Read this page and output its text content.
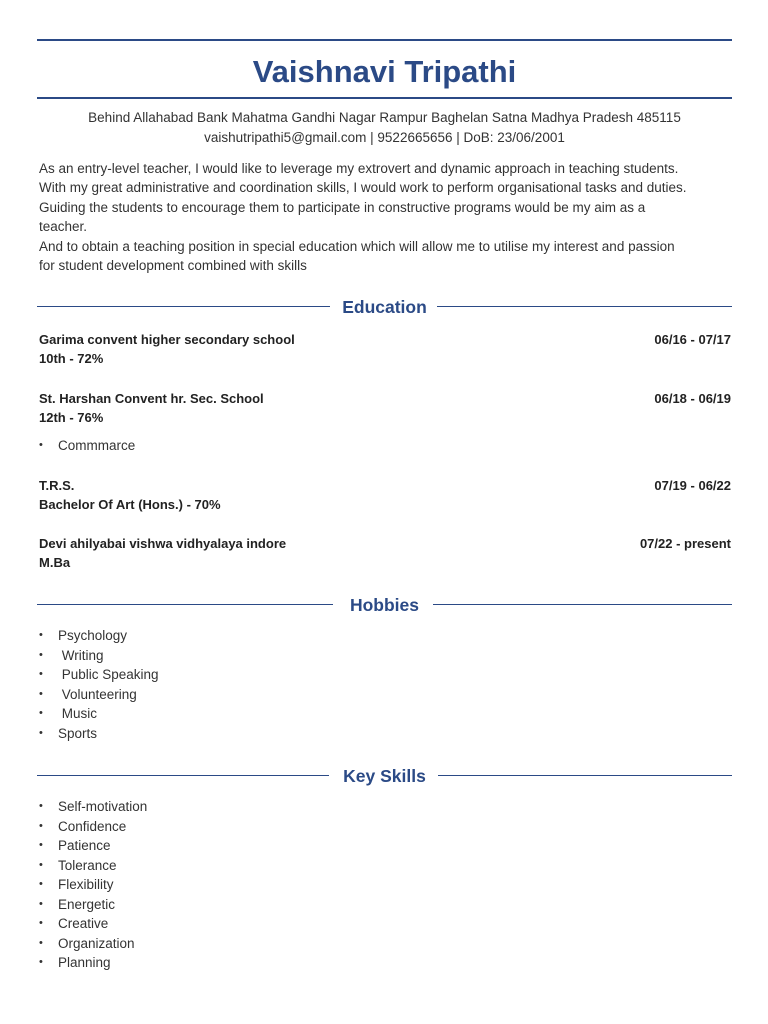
Vaishnavi Tripathi
Behind Allahabad Bank Mahatma Gandhi Nagar Rampur Baghelan Satna Madhya Pradesh 485115
vaishutripathi5@gmail.com | 9522665656 | DoB: 23/06/2001

As an entry-level teacher, I would like to leverage my extrovert and dynamic approach in teaching students.

With my great administrative and coordination skills, I would work to perform organisational tasks and duties.

Guiding the students to encourage them to participate in constructive programs would be my aim as a

teacher.

And to obtain a teaching position in special education which will allow me to utilise my interest and passion

for student development combined with skills

Education
Garima convent higher secondary school
10th - 72%
06/16 - 07/17
St. Harshan Convent hr. Sec. School
12th - 76%
06/18 - 06/19
• Commmarce
T.R.S.
Bachelor Of Art (Hons.) - 70%
07/19 - 06/22
Devi ahilyabai vishwa vidhyalaya indore
M.Ba
07/22 - present
Hobbies
• Psychology
• Writing
• Public Speaking
• Volunteering
• Music
• Sports
Key Skills
• Self-motivation
• Confidence
• Patience
• Tolerance
• Flexibility
• Energetic
• Creative
• Organization
• Planning
